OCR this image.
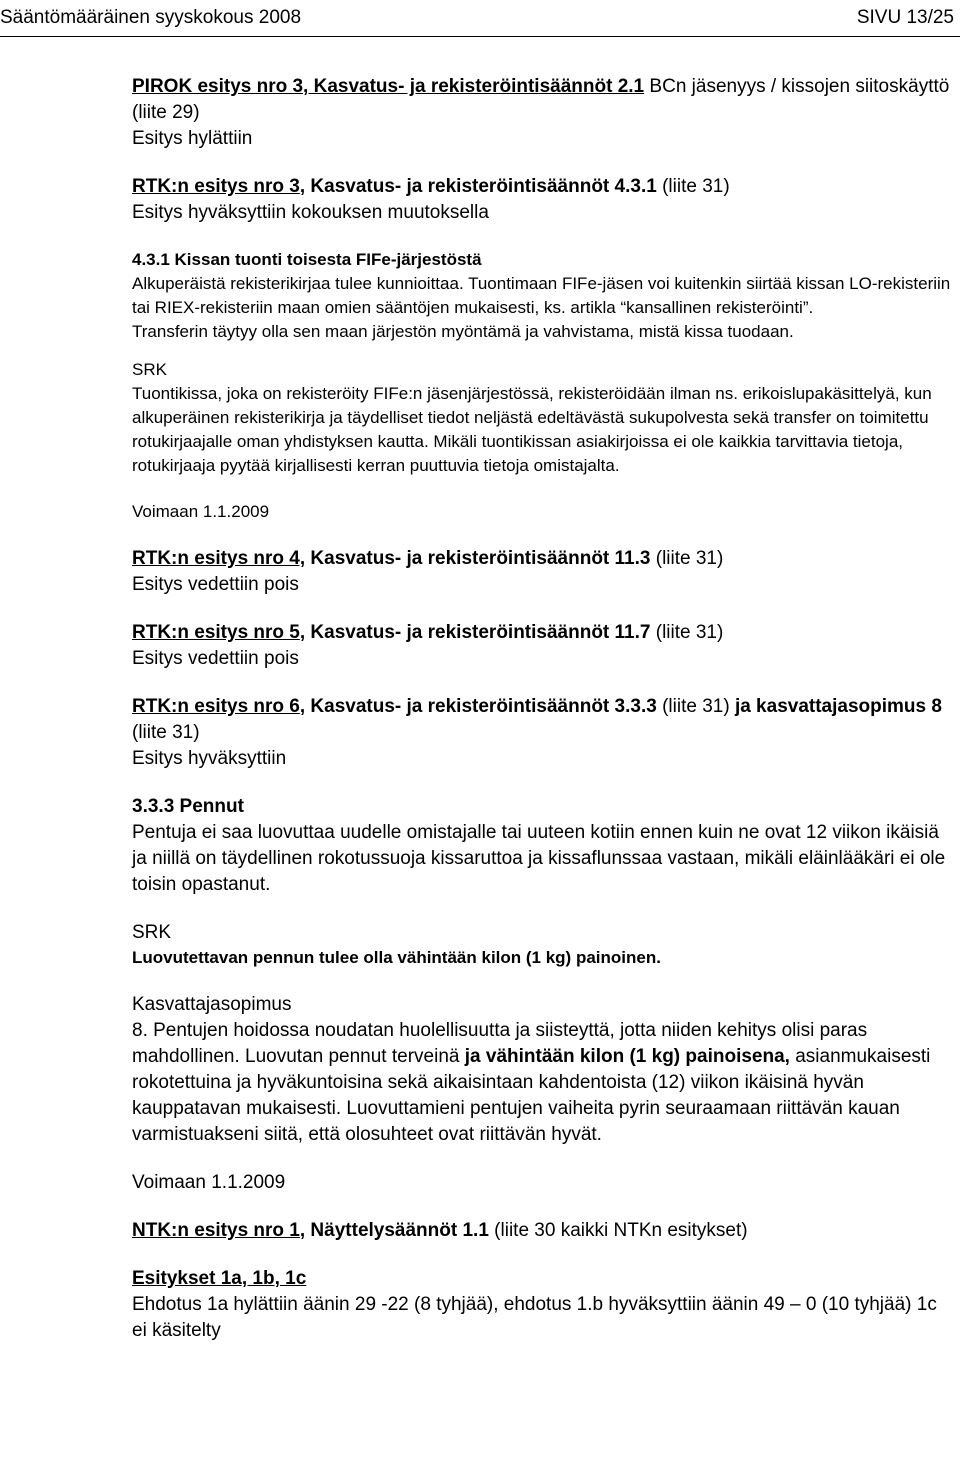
Sääntömääräinen syyskokous 2008	SIVU 13/25

PIROK esitys nro 3, Kasvatus- ja rekisteröintisäännöt 2.1 BCn jäsenyys / kissojen siitoskäyttö (liite 29)

Esitys hylättiin

RTK:n esitys nro 3, Kasvatus- ja rekisteröintisäännöt 4.3.1 (liite 31)

Esitys hyväksyttiin kokouksen muutoksella

4.3.1 Kissan tuonti toisesta FIFe-järjestöstä

Alkuperäistä rekisterikirjaa tulee kunnioittaa. Tuontimaan FIFe-jäsen voi kuitenkin siirtää kissan LO-rekisteriin tai RIEX-rekisteriin maan omien sääntöjen mukaisesti, ks. artikla “kansallinen rekisteröinti”.

Transferin täytyy olla sen maan järjestön myöntämä ja vahvistama, mistä kissa tuodaan.

SRK

Tuontikissa, joka on rekisteröity FIFe:n jäsenjärjestössä, rekisteröidään ilman ns. erikoislupakäsittelyä, kun alkuperäinen rekisterikirja ja täydelliset tiedot neljästä edeltävästä sukupolvesta sekä transfer on toimitettu rotukirjaajalle oman yhdistyksen kautta. Mikäli tuontikissan asiakirjoissa ei ole kaikkia tarvittavia tietoja, rotukirjaaja pyytää kirjallisesti kerran puuttuvia tietoja omistajalta.

Voimaan 1.1.2009

RTK:n esitys nro 4, Kasvatus- ja rekisteröintisäännöt 11.3 (liite 31)

Esitys vedettiin pois

RTK:n esitys nro 5, Kasvatus- ja rekisteröintisäännöt 11.7 (liite 31)

Esitys vedettiin pois

RTK:n esitys nro 6, Kasvatus- ja rekisteröintisäännöt 3.3.3 (liite 31) ja kasvattajasopimus 8 (liite 31)

Esitys hyväksyttiin

3.3.3 Pennut

Pentuja ei saa luovuttaa uudelle omistajalle tai uuteen kotiin ennen kuin ne ovat 12 viikon ikäisiä ja niillä on täydellinen rokotussuoja kissaruttoa ja kissaflunssaa vastaan, mikäli eläinlääkäri ei ole toisin opastanut.

SRK

Luovutettavan pennun tulee olla vähintään kilon (1 kg) painoinen.

Kasvattajasopimus

8. Pentujen hoidossa noudatan huolellisuutta ja siisteyttä, jotta niiden kehitys olisi paras mahdollinen. Luovutan pennut terveinä ja vähintään kilon (1 kg) painoisena, asianmukaisesti rokotettuina ja hyväkuntoisina sekä aikaisintaan kahdentoista (12) viikon ikäisinä hyvän kauppatavan mukaisesti. Luovuttamieni pentujen vaiheita pyrin seuraamaan riittävän kauan varmistuakseni siitä, että olosuhteet ovat riittävän hyvät.

Voimaan 1.1.2009

NTK:n esitys nro 1, Näyttelysäännöt 1.1 (liite 30 kaikki NTKn esitykset)

Esitykset 1a, 1b, 1c

Ehdotus 1a hylättiin äänin 29 -22 (8 tyhjää), ehdotus 1.b hyväksyttiin äänin 49 – 0 (10 tyhjää) 1c ei käsitelty
